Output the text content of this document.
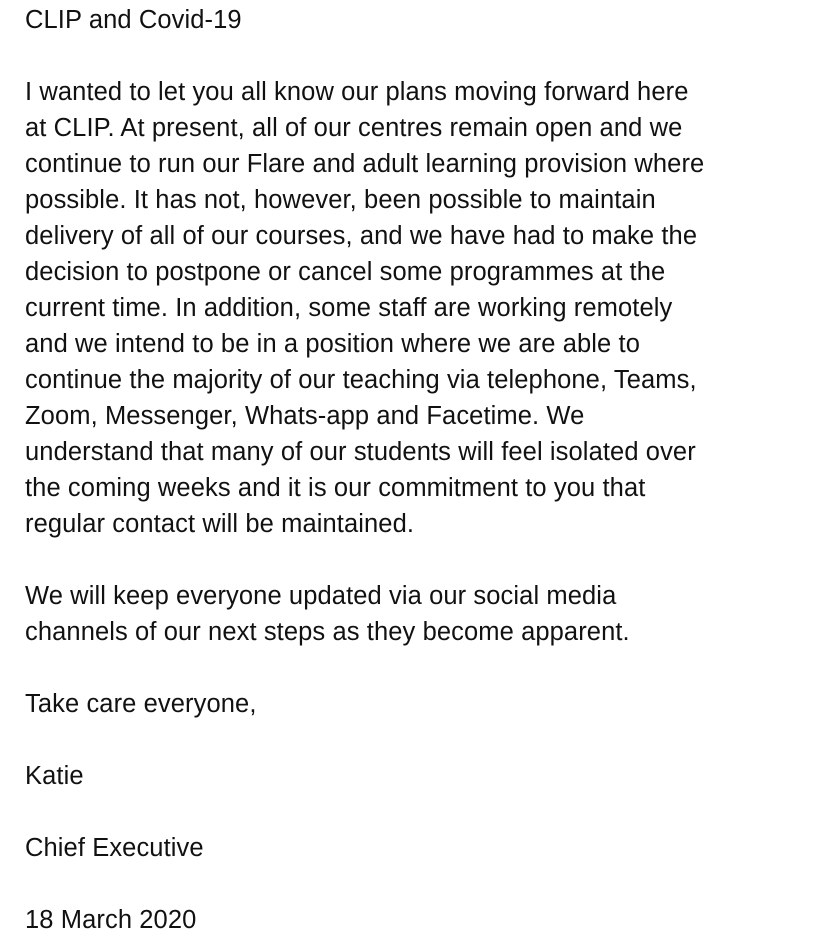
CLIP and Covid-19

I wanted to let you all know our plans moving forward here
at CLIP. At present, all of our centres remain open and we
continue to run our Flare and adult learning provision where
possible. It has not, however, been possible to maintain
delivery of all of our courses, and we have had to make the
decision to postpone or cancel some programmes at the
current time. In addition, some staff are working remotely
and we intend to be in a position where we are able to
continue the majority of our teaching via telephone, Teams,
Zoom, Messenger, Whats-app and Facetime. We
understand that many of our students will feel isolated over
the coming weeks and it is our commitment to you that
regular contact will be maintained.

We will keep everyone updated via our social media
channels of our next steps as they become apparent.

Take care everyone,

Katie

Chief Executive

18 March 2020
